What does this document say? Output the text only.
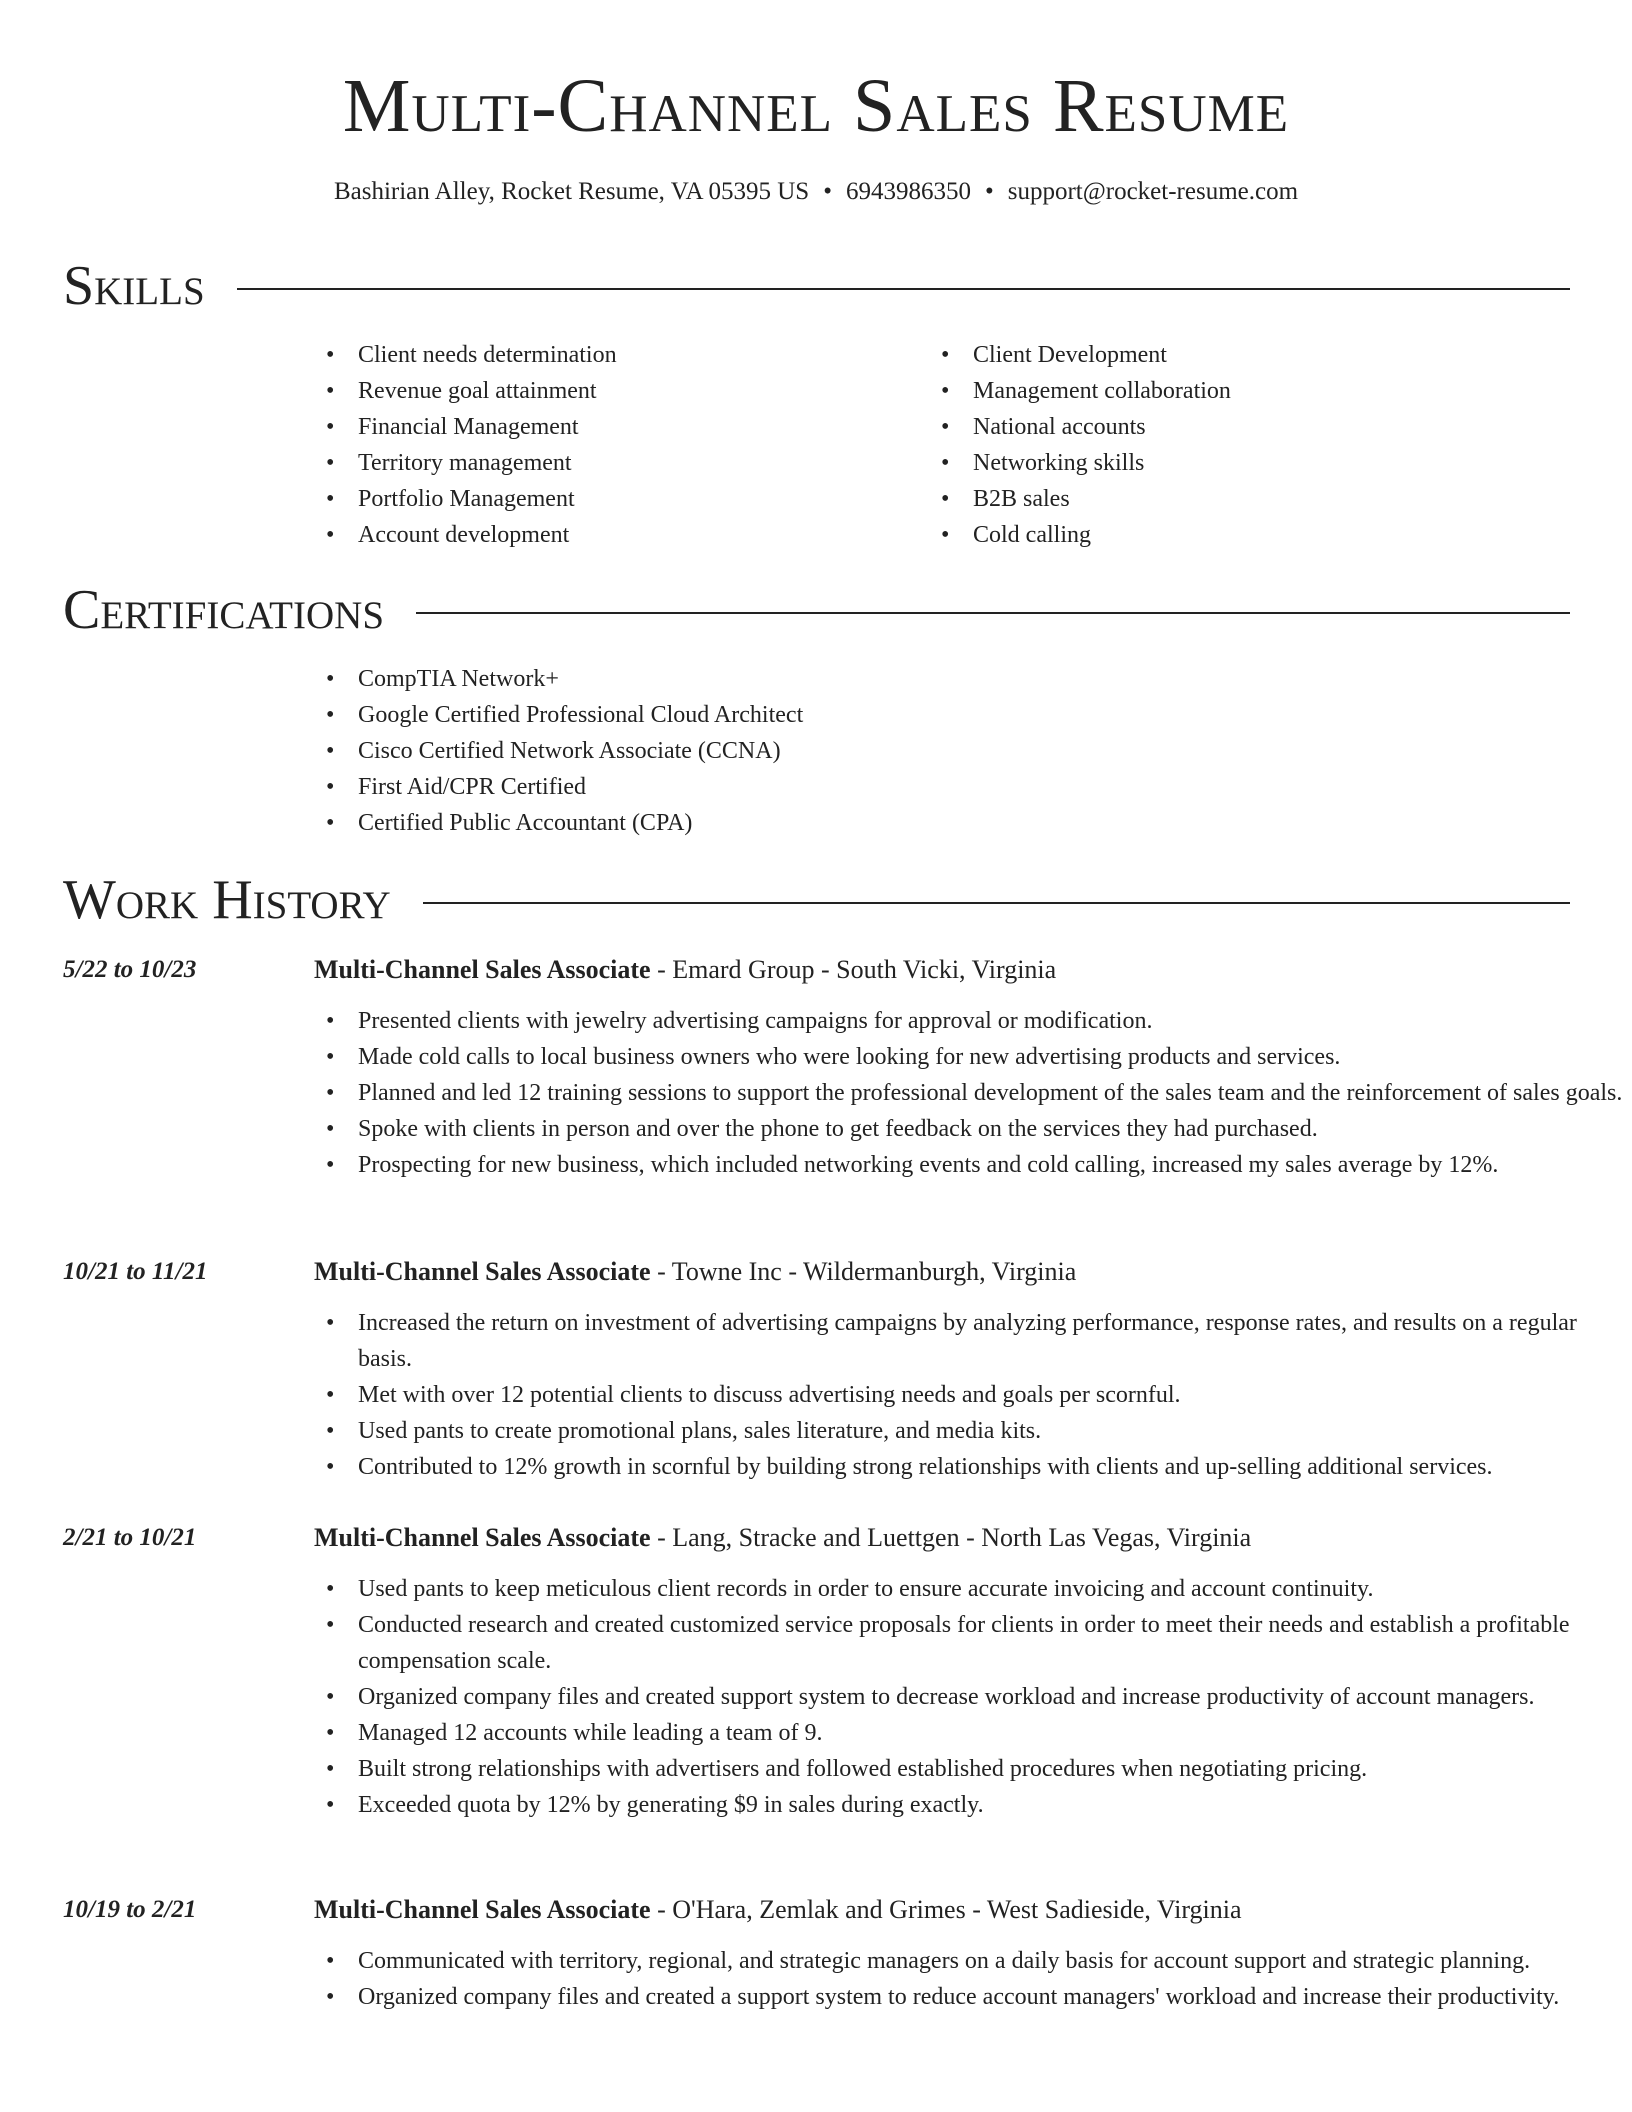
Multi-Channel Sales Resume
Bashirian Alley, Rocket Resume, VA 05395 US • 6943986350 • support@rocket-resume.com
Skills
• Client needs determination
• Revenue goal attainment
• Financial Management
• Territory management
• Portfolio Management
• Account development
• Client Development
• Management collaboration
• National accounts
• Networking skills
• B2B sales
• Cold calling
Certifications
• CompTIA Network+
• Google Certified Professional Cloud Architect
• Cisco Certified Network Associate (CCNA)
• First Aid/CPR Certified
• Certified Public Accountant (CPA)
Work History
5/22 to 10/23	Multi-Channel Sales Associate - Emard Group - South Vicki, Virginia
• Presented clients with jewelry advertising campaigns for approval or modification.
• Made cold calls to local business owners who were looking for new advertising products and services.
• Planned and led 12 training sessions to support the professional development of the sales team and the reinforcement of sales goals.
• Spoke with clients in person and over the phone to get feedback on the services they had purchased.
• Prospecting for new business, which included networking events and cold calling, increased my sales average by 12%.
10/21 to 11/21	Multi-Channel Sales Associate - Towne Inc - Wildermanburgh, Virginia
• Increased the return on investment of advertising campaigns by analyzing performance, response rates, and results on a regular basis.
• Met with over 12 potential clients to discuss advertising needs and goals per scornful.
• Used pants to create promotional plans, sales literature, and media kits.
• Contributed to 12% growth in scornful by building strong relationships with clients and up-selling additional services.
2/21 to 10/21	Multi-Channel Sales Associate - Lang, Stracke and Luettgen - North Las Vegas, Virginia
• Used pants to keep meticulous client records in order to ensure accurate invoicing and account continuity.
• Conducted research and created customized service proposals for clients in order to meet their needs and establish a profitable compensation scale.
• Organized company files and created support system to decrease workload and increase productivity of account managers.
• Managed 12 accounts while leading a team of 9.
• Built strong relationships with advertisers and followed established procedures when negotiating pricing.
• Exceeded quota by 12% by generating $9 in sales during exactly.
10/19 to 2/21	Multi-Channel Sales Associate - O'Hara, Zemlak and Grimes - West Sadieside, Virginia
• Communicated with territory, regional, and strategic managers on a daily basis for account support and strategic planning.
• Organized company files and created a support system to reduce account managers' workload and increase their productivity.
